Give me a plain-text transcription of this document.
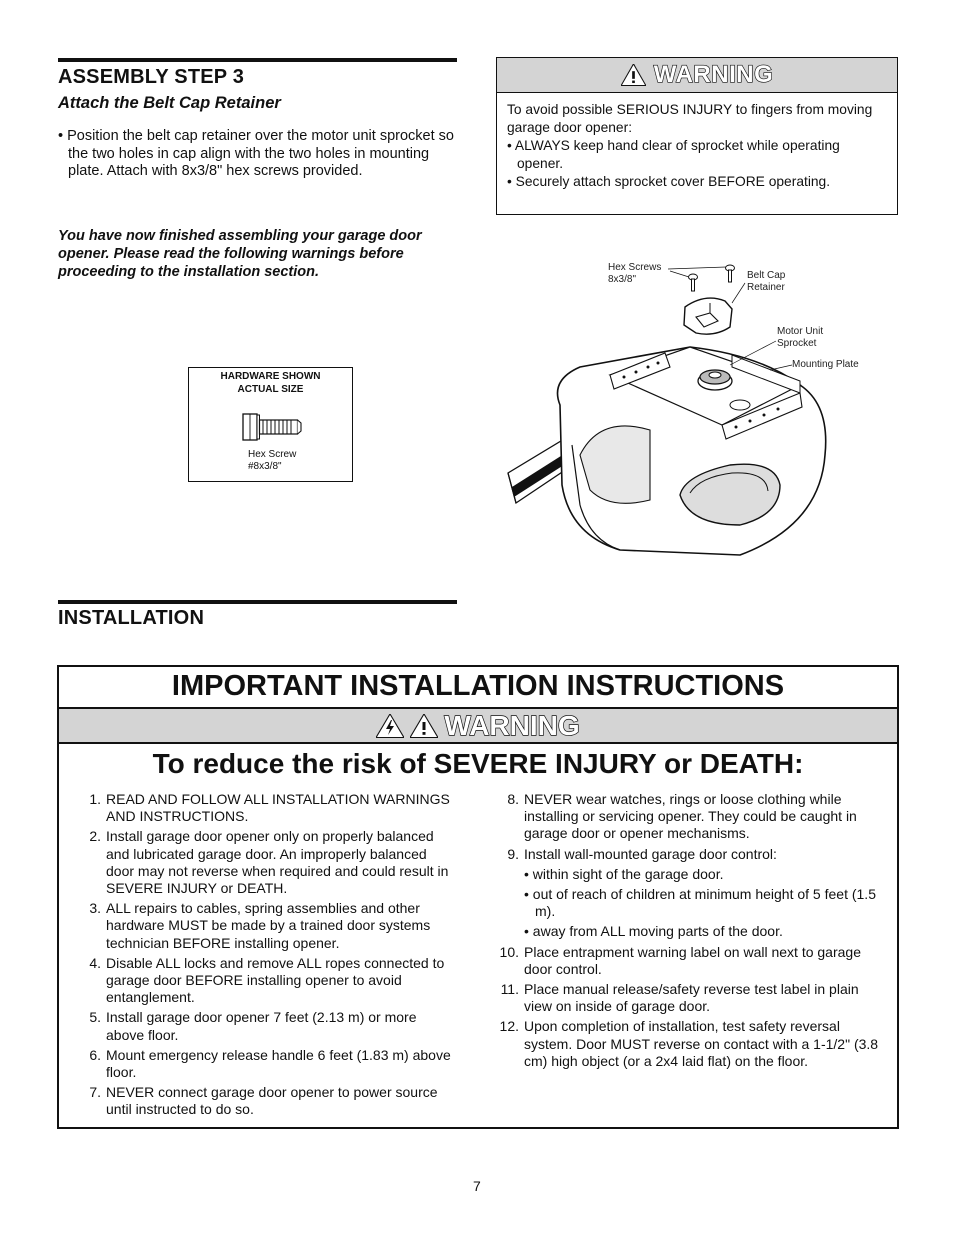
ASSEMBLY STEP 3
Attach the Belt Cap Retainer
• Position the belt cap retainer over the motor unit sprocket so the two holes in cap align with the two holes in mounting plate. Attach with 8x3/8" hex screws provided.
You have now finished assembling your garage door opener. Please read the following warnings before proceeding to the installation section.
WARNING
To avoid possible SERIOUS INJURY to fingers from moving garage door opener:
• ALWAYS keep hand clear of sprocket while operating opener.
• Securely attach sprocket cover BEFORE operating.
HARDWARE SHOWN
ACTUAL SIZE
Hex Screw
#8x3/8"
Hex Screws
8x3/8"	Belt Cap
Retainer
Motor Unit
Sprocket
Mounting Plate
INSTALLATION
IMPORTANT INSTALLATION INSTRUCTIONS
WARNING
To reduce the risk of SEVERE INJURY or DEATH:
1. READ AND FOLLOW ALL INSTALLATION WARNINGS AND INSTRUCTIONS.
2. Install garage door opener only on properly balanced and lubricated garage door. An improperly balanced door may not reverse when required and could result in SEVERE INJURY or DEATH.
3. ALL repairs to cables, spring assemblies and other hardware MUST be made by a trained door systems technician BEFORE installing opener.
4. Disable ALL locks and remove ALL ropes connected to garage door BEFORE installing opener to avoid entanglement.
5. Install garage door opener 7 feet (2.13 m) or more above floor.
6. Mount emergency release handle 6 feet (1.83 m) above floor.
7. NEVER connect garage door opener to power source until instructed to do so.
8. NEVER wear watches, rings or loose clothing while installing or servicing opener. They could be caught in garage door or opener mechanisms.
9. Install wall-mounted garage door control:
• within sight of the garage door.
• out of reach of children at minimum height of 5 feet (1.5 m).
• away from ALL moving parts of the door.
10. Place entrapment warning label on wall next to garage door control.
11. Place manual release/safety reverse test label in plain view on inside of garage door.
12. Upon completion of installation, test safety reversal system. Door MUST reverse on contact with a 1-1/2" (3.8 cm) high object (or a 2x4 laid flat) on the floor.
7
